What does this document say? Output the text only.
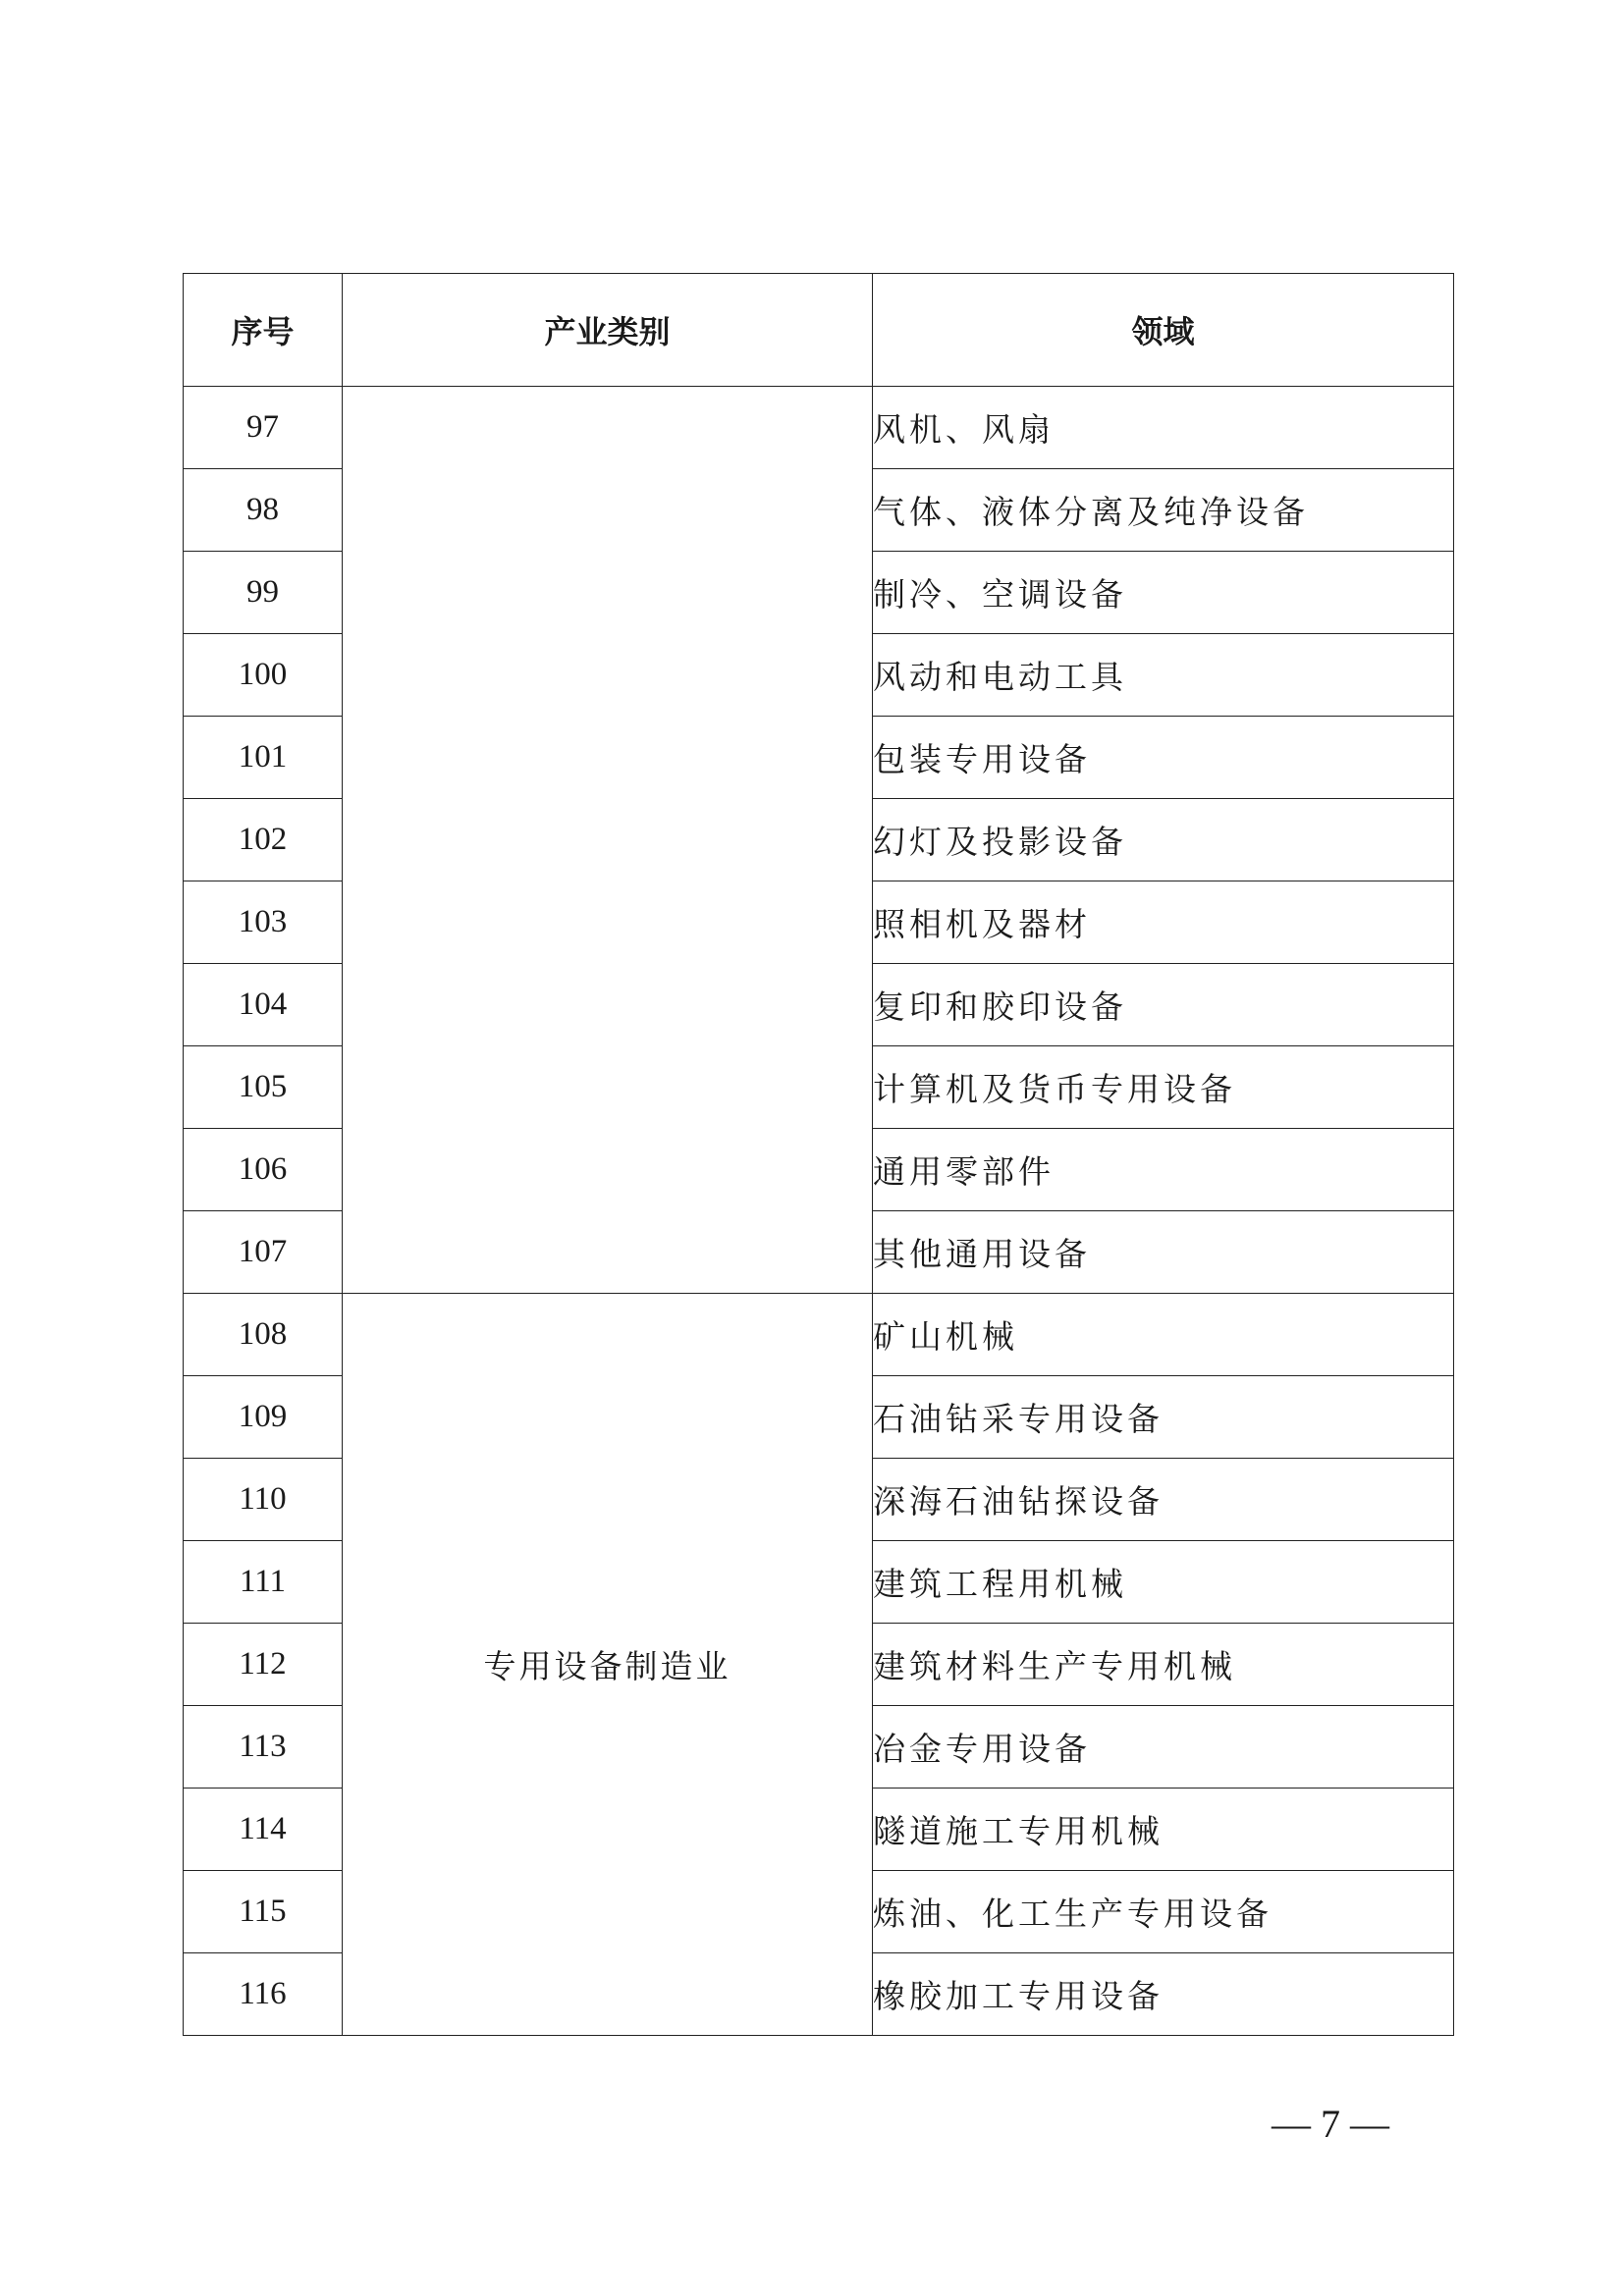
序号	产业类别	领域
97		风机、风扇
98		气体、液体分离及纯净设备
99		制冷、空调设备
100		风动和电动工具
101		包装专用设备
102		幻灯及投影设备
103		照相机及器材
104		复印和胶印设备
105		计算机及货币专用设备
106		通用零部件
107		其他通用设备
108	专用设备制造业	矿山机械
109		石油钻采专用设备
110		深海石油钻探设备
111		建筑工程用机械
112		建筑材料生产专用机械
113		冶金专用设备
114		隧道施工专用机械
115		炼油、化工生产专用设备
116		橡胶加工专用设备
— 7 —
